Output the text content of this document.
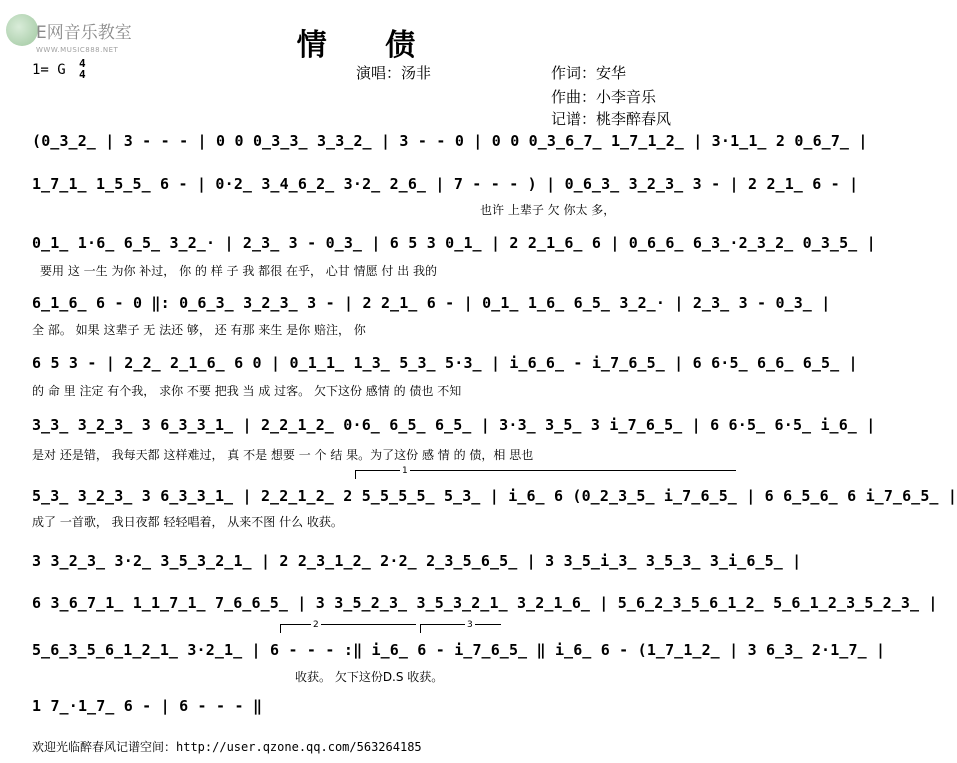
E网音乐教室
WWW.MUSIC888.NET	情 债
1= G 4
4	演唱：汤非	作词：安华
作曲：小李音乐
记谱：桃李醉春风
(0̲3̲2̲ | 3 - - - | 0 0 0̲3̲3̲ 3̲3̲2̲ | 3 - - 0 | 0 0 0̲3̲6̲7̲ 1̲7̲1̲2̲ | 3·1̲1̲ 2 0̲6̲7̲ |
1̲7̲1̲ 1̲5̲5̲ 6 - | 0·2̲ 3̲4̲6̲2̲ 3·2̲ 2̲6̲ | 7 - - - ) | 0̲6̲3̲ 3̲2̲3̲ 3 - | 2 2̲1̲ 6 - |
也许 上辈子 欠 你太 多，
0̲1̲ 1·6̲ 6̲5̲ 3̲2̲· | 2̲3̲ 3 - 0̲3̲ | 6 5 3 0̲1̲ | 2 2̲1̲6̲ 6 | 0̲6̲6̲ 6̲3̲·2̲3̲2̲ 0̲3̲5̲ |
要用 这 一生 为你 补过， 你 的 样 子 我 都很 在乎， 心甘 情愿 付 出 我的
6̲1̲6̲ 6 - 0 ‖: 0̲6̲3̲ 3̲2̲3̲ 3 - | 2 2̲1̲ 6 - | 0̲1̲ 1̲6̲ 6̲5̲ 3̲2̲· | 2̲3̲ 3 - 0̲3̲ |
全 部。 如果 这辈子 无 法还 够， 还 有那 来生 是你 赔注， 你
6 5 3 - | 2̲2̲ 2̲1̲6̲ 6 0 | 0̲1̲1̲ 1̲3̲ 5̲3̲ 5·3̲ | i̲6̲6̲ - i̲7̲6̲5̲ | 6 6·5̲ 6̲6̲ 6̲5̲ |
的 命 里 注定 有个我， 求你 不要 把我 当 成 过客。 欠下这份 感情 的 债也 不知
3̲3̲ 3̲2̲3̲ 3 6̲3̲3̲1̲ | 2̲2̲1̲2̲ 0·6̲ 6̲5̲ 6̲5̲ | 3·3̲ 3̲5̲ 3 i̲7̲6̲5̲ | 6 6·5̲ 6·5̲ i̲6̲ |
是对 还是错， 我每天都 这样难过， 真 不是 想要 一 个 结 果。为了这份 感 情 的 债，相 思也
1
5̲3̲ 3̲2̲3̲ 3 6̲3̲3̲1̲ | 2̲2̲1̲2̲ 2 5̲5̲5̲5̲ 5̲3̲ | i̲6̲ 6 (0̲2̲3̲5̲ i̲7̲6̲5̲ | 6 6̲5̲6̲ 6 i̲7̲6̲5̲ |
成了 一首歌， 我日夜都 轻轻唱着， 从来不图 什么 收获。
3 3̲2̲3̲ 3·2̲ 3̲5̲3̲2̲1̲ | 2 2̲3̲1̲2̲ 2·2̲ 2̲3̲5̲6̲5̲ | 3 3̲5̲i̲3̲ 3̲5̲3̲ 3̲i̲6̲5̲ |
6 3̲6̲7̲1̲ 1̲1̲7̲1̲ 7̲6̲6̲5̲ | 3 3̲5̲2̲3̲ 3̲5̲3̲2̲1̲ 3̲2̲1̲6̲ | 5̲6̲2̲3̲5̲6̲1̲2̲ 5̲6̲1̲2̲3̲5̲2̲3̲ |
2	3
5̲6̲3̲5̲6̲1̲2̲1̲ 3·2̲1̲ | 6 - - - :‖ i̲6̲ 6 - i̲7̲6̲5̲ ‖ i̲6̲ 6 - (1̲7̲1̲2̲ | 3 6̲3̲ 2·1̲7̲ |
收获。 欠下这份D.S 收获。
1 7̲·1̲7̲ 6 - | 6 - - - ‖
欢迎光临醉春风记谱空间：http://user.qzone.qq.com/563264185
